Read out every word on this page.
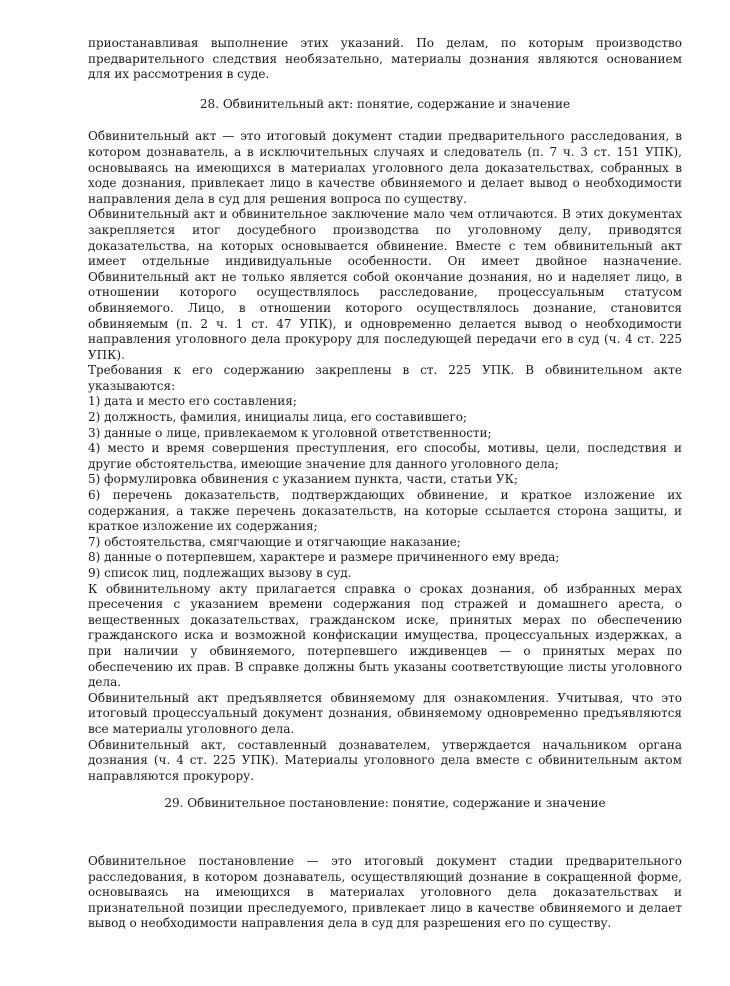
приостанавливая выполнение этих указаний. По делам, по которым производство предварительного следствия необязательно, материалы дознания являются основанием для их рассмотрения в суде.

28. Обвинительный акт: понятие, содержание и значение

Обвинительный акт — это итоговый документ стадии предварительного расследования, в котором дознаватель, а в исключительных случаях и следователь (п. 7 ч. 3 ст. 151 УПК), основываясь на имеющихся в материалах уголовного дела доказательствах, собранных в ходе дознания, привлекает лицо в качестве обвиняемого и делает вывод о необходимости направления дела в суд для решения вопроса по существу.

Обвинительный акт и обвинительное заключение мало чем отличаются. В этих документах закрепляется итог досудебного производства по уголовному делу, приводятся доказательства, на которых основывается обвинение. Вместе с тем обвинительный акт имеет отдельные индивидуальные особенности. Он имеет двойное назначение. Обвинительный акт не только является собой окончание дознания, но и наделяет лицо, в отношении которого осуществлялось расследование, процессуальным статусом обвиняемого. Лицо, в отношении которого осуществлялось дознание, становится обвиняемым (п. 2 ч. 1 ст. 47 УПК), и одновременно делается вывод о необходимости направления уголовного дела прокурору для последующей передачи его в суд (ч. 4 ст. 225 УПК).

Требования к его содержанию закреплены в ст. 225 УПК. В обвинительном акте указываются:

1) дата и место его составления;

2) должность, фамилия, инициалы лица, его составившего;

3) данные о лице, привлекаемом к уголовной ответственности;

4) место и время совершения преступления, его способы, мотивы, цели, последствия и другие обстоятельства, имеющие значение для данного уголовного дела;

5) формулировка обвинения с указанием пункта, части, статьи УК;

6) перечень доказательств, подтверждающих обвинение, и краткое изложение их содержания, а также перечень доказательств, на которые ссылается сторона защиты, и краткое изложение их содержания;

7) обстоятельства, смягчающие и отягчающие наказание;

8) данные о потерпевшем, характере и размере причиненного ему вреда;

9) список лиц, подлежащих вызову в суд.

К обвинительному акту прилагается справка о сроках дознания, об избранных мерах пресечения с указанием времени содержания под стражей и домашнего ареста, о вещественных доказательствах, гражданском иске, принятых мерах по обеспечению гражданского иска и возможной конфискации имущества, процессуальных издержках, а при наличии у обвиняемого, потерпевшего иждивенцев — о принятых мерах по обеспечению их прав. В справке должны быть указаны соответствующие листы уголовного дела.

Обвинительный акт предъявляется обвиняемому для ознакомления. Учитывая, что это итоговый процессуальный документ дознания, обвиняемому одновременно предъявляются все материалы уголовного дела.

Обвинительный акт, составленный дознавателем, утверждается начальником органа дознания (ч. 4 ст. 225 УПК). Материалы уголовного дела вместе с обвинительным актом направляются прокурору.

29. Обвинительное постановление: понятие, содержание и значение

Обвинительное постановление — это итоговый документ стадии предварительного расследования, в котором дознаватель, осуществляющий дознание в сокращенной форме, основываясь на имеющихся в материалах уголовного дела доказательствах и признательной позиции преследуемого, привлекает лицо в качестве обвиняемого и делает вывод о необходимости направления дела в суд для разрешения его по существу.
